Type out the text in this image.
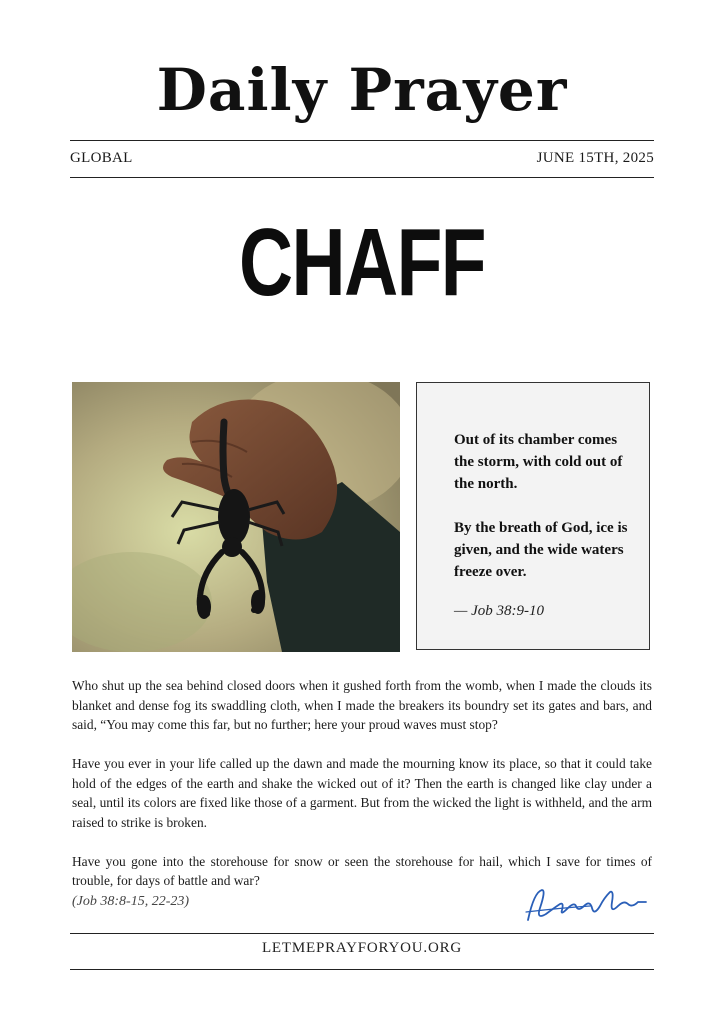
Daily Prayer
GLOBAL	JUNE 15TH, 2025
CHAFF

Out of its chamber comes the storm, with cold out of the north.

By the breath of God, ice is given, and the wide waters freeze over.

— Job 38:9-10

Who shut up the sea behind closed doors when it gushed forth from the womb, when I made the clouds its blanket and dense fog its swaddling cloth, when I made the breakers its boundry set its gates and bars, and said, “You may come this far, but no further; here your proud waves must stop?

Have you ever in your life called up the dawn and made the mourning know its place, so that it could take hold of the edges of the earth and shake the wicked out of it? Then the earth is changed like clay under a seal, until its colors are fixed like those of a garment. But from the wicked the light is withheld, and the arm raised to strike is broken.

Have you gone into the storehouse for snow or seen the storehouse for hail, which I save for times of trouble, for days of battle and war?

(Job 38:8-15, 22-23)
LETMEPRAYFORYOU.ORG
